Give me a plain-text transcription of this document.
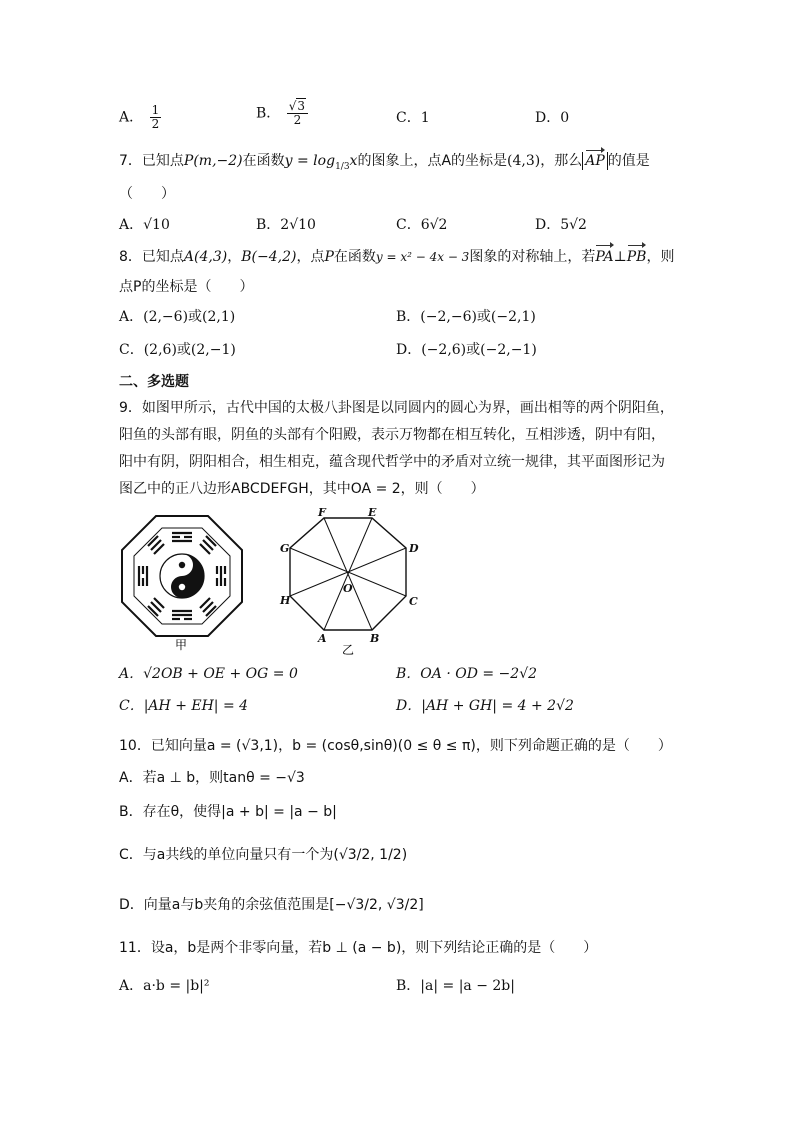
A． $\frac{1}{2}$	B． $\frac{√3}{2}$	C．1	D．0
7．已知点P(m,−2)在函数$y = \log_{1/3}x$的图象上，点A的坐标是(4,3)，那么 AP 的值是
（　　）
A．√10	B．2√10	C．6√2	D．5√2
8．已知点A(4,3)，B(−4,2)，点P在函数y = x² − 4x − 3图象的对称轴上，若PA⊥PB，则
点P的坐标是（　　）
A．(2,−6)或(2,1)	B．(−2,−6)或(−2,1)
C．(2,6)或(2,−1)	D．(−2,6)或(−2,−1)
二、多选题
9．如图甲所示，古代中国的太极八卦图是以同圆内的圆心为界，画出相等的两个阴阳鱼，
阳鱼的头部有眼，阴鱼的头部有个阳殿，表示万物都在相互转化，互相涉透，阴中有阳，
阳中有阴，阴阳相合，相生相克，蕴含现代哲学中的矛盾对立统一规律，其平面图形记为
图乙中的正八边形ABCDEFGH，其中OA = 2，则（　　）
甲	A	B
C
D
E
F
G
H
O
乙
A．√2OB + OE + OG = 0	B．OA · OD = −2√2
C．|AH + EH| = 4	D．|AH + GH| = 4 + 2√2
10．已知向量a = (√3,1)，b = (cosθ,sinθ)(0 ≤ θ ≤ π)，则下列命题正确的是（　　）
A．若a ⊥ b，则tanθ = −√3
B．存在θ，使得|a + b| = |a − b|
C．与a共线的单位向量只有一个为(√3/2, 1/2)
D．向量a与b夹角的余弦值范围是[−√3/2, √3/2]
11．设a，b是两个非零向量，若b ⊥ (a − b)，则下列结论正确的是（　　）
A．a·b = |b|²	B．|a| = |a − 2b|
